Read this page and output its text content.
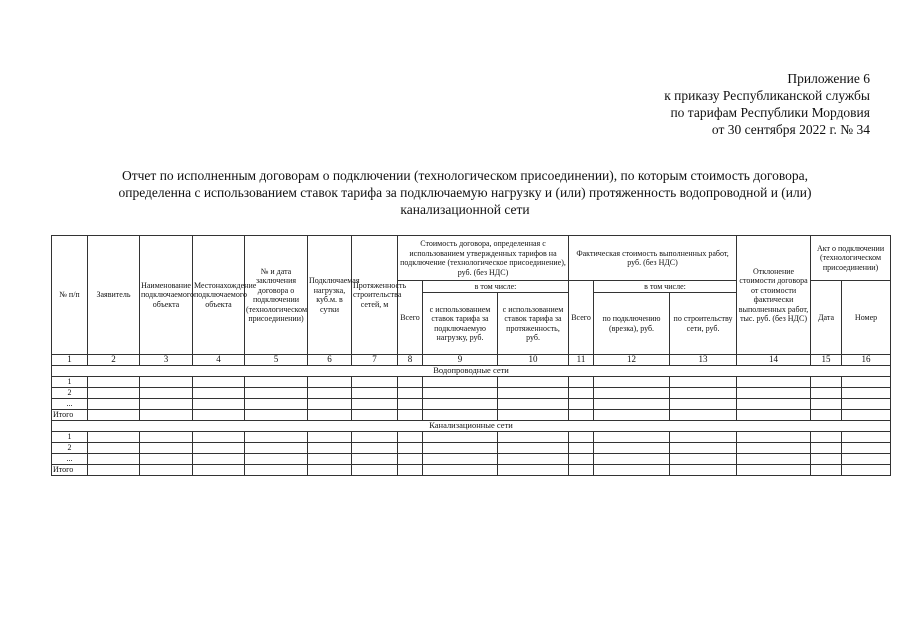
Приложение 6
к приказу Республиканской службы
по тарифам Республики Мордовия
от 30 сентября 2022 г. № 34
Отчет по исполненным договорам о подключении (технологическом присоединении), по которым стоимость договора,
определенна с использованием ставок тарифа за подключаемую нагрузку и (или) протяженность водопроводной и (или)
канализационной сети
№ п/п	Заявитель	Наименование подключаемого объекта	Местонахождение подключаемого объекта	№ и дата заключения договора о подключении (технологическом присоединении)	Подключаемая нагрузка, куб.м. в сутки	Протяженность строительства сетей, м	Стоимость договора, определенная с использованием утвержденных тарифов на подключение (технологическое присоединение), руб. (без НДС)			Фактическая стоимость выполненных работ, руб. (без НДС)			Отклонение стоимости договора от стоимости фактически выполненных работ, тыс. руб. (без НДС)	Акт о подключении (технологическом присоединении)	
							Всего	в том числе:		Всего	в том числе:			Дата	Номер
								с использованием ставок тарифа за подключаемую нагрузку, руб.	с использованием ставок тарифа за протяженность, руб.		по подключению (врезка), руб.	по строительству сети, руб.			
1	2	3	4	5	6	7	8	9	10	11	12	13	14	15	16
Водопроводные сети															
1															
2															
...															
Итого															
Канализационные сети															
1															
2															
...															
Итого															
